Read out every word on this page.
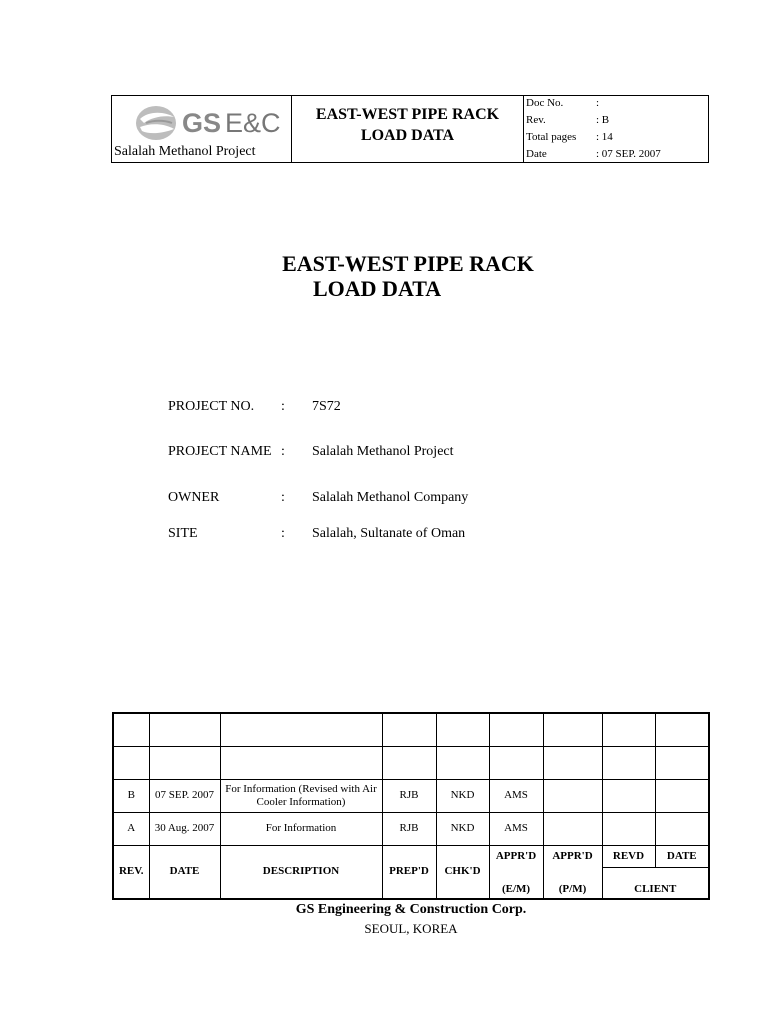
GS E&C
Salalah Methanol Project
EAST-WEST PIPE RACK
LOAD DATA
Doc No.	:
Rev.	: B
Total pages : 14
Date	: 07 SEP. 2007
EAST-WEST PIPE RACK
LOAD DATA
PROJECT NO. : 7S72
PROJECT NAME : Salalah Methanol Project
OWNER	: Salalah Methanol Company
SITE	: Salalah, Sultanate of Oman

B	07 SEP. 2007	For Information (Revised with Air Cooler Information)	RJB	NKD	AMS			
A	30 Aug. 2007	For Information	RJB	NKD	AMS			
REV.	DATE	DESCRIPTION	PREP'D	CHK'D	APPR'D	APPR'D	REVD	DATE
					(E/M)	(P/M)	CLIENT	
GS Engineering & Construction Corp.
SEOUL, KOREA
